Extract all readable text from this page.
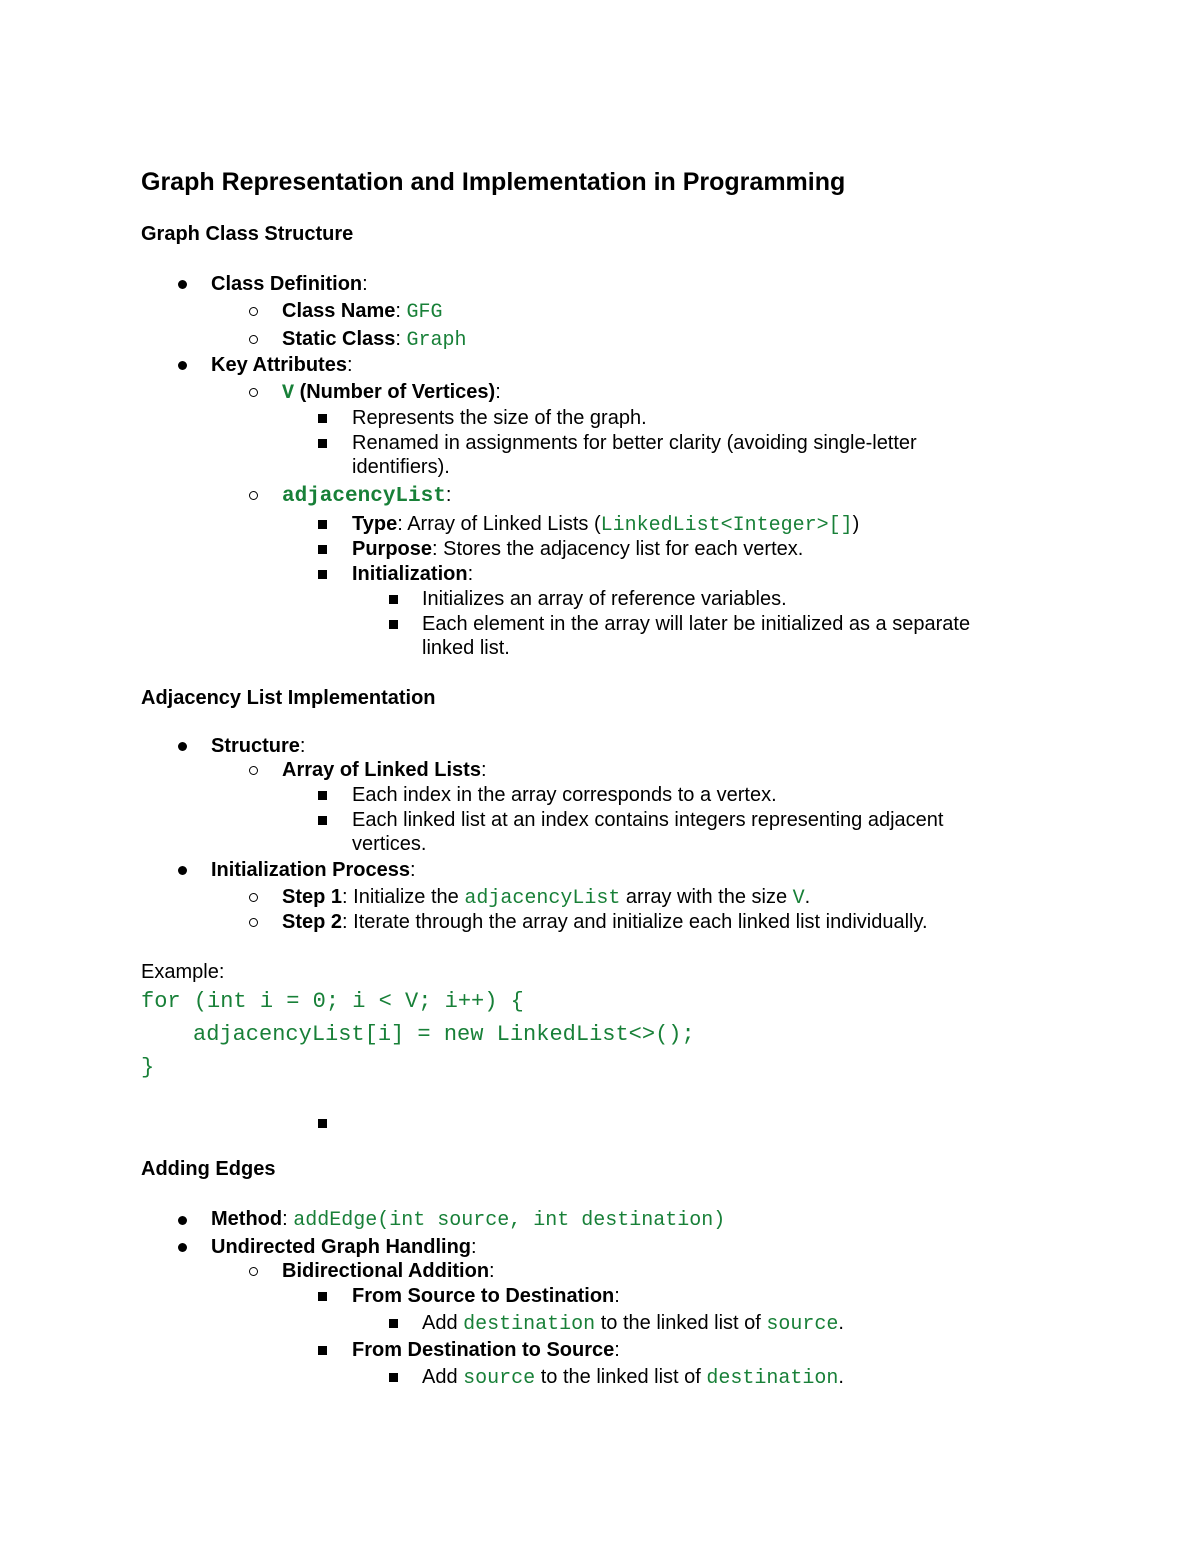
Graph Representation and Implementation in Programming
Graph Class Structure
Class Definition:
Class Name: GFG
Static Class: Graph
Key Attributes:
V (Number of Vertices):
Represents the size of the graph.
Renamed in assignments for better clarity (avoiding single-letter
identifiers).
adjacencyList:
Type: Array of Linked Lists (LinkedList<Integer>[])
Purpose: Stores the adjacency list for each vertex.
Initialization:
Initializes an array of reference variables.
Each element in the array will later be initialized as a separate
linked list.
Adjacency List Implementation
Structure:
Array of Linked Lists:
Each index in the array corresponds to a vertex.
Each linked list at an index contains integers representing adjacent
vertices.
Initialization Process:
Step 1: Initialize the adjacencyList array with the size V.
Step 2: Iterate through the array and initialize each linked list individually.
Example:
for (int i = 0; i < V; i++) {
adjacencyList[i] = new LinkedList<>();
}
Adding Edges
Method: addEdge(int source, int destination)
Undirected Graph Handling:
Bidirectional Addition:
From Source to Destination:
Add destination to the linked list of source.
From Destination to Source:
Add source to the linked list of destination.
